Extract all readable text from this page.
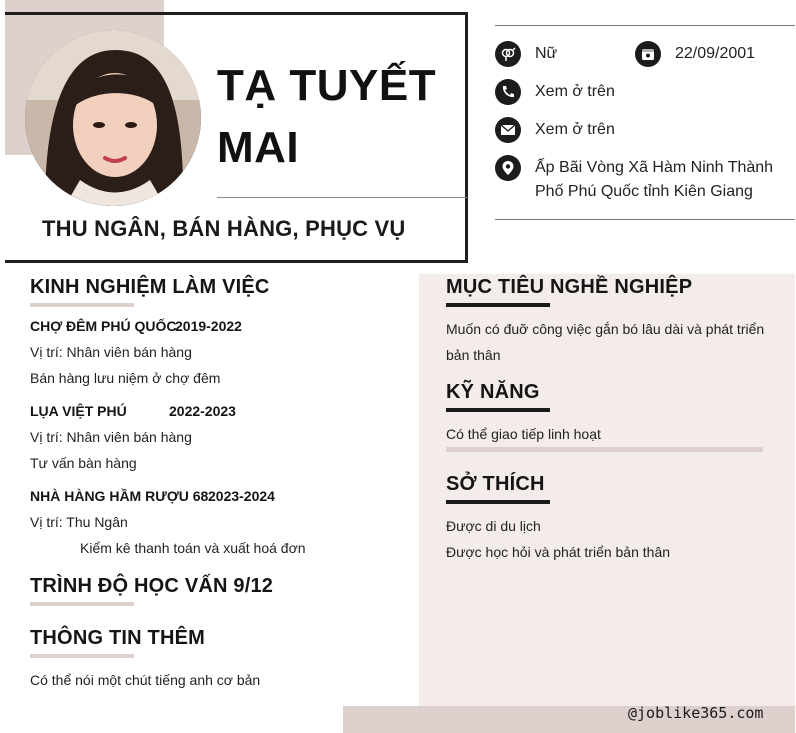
TẠ TUYẾT
MAI
THU NGÂN, BÁN HÀNG, PHỤC VỤ
Nữ	22/09/2001
Xem ở trên
Xem ở trên
Ấp Bãi Vòng Xã Hàm Ninh Thành
Phố Phú Quốc tỉnh Kiên Giang
@joblike365.com
KINH NGHIỆM LÀM VIỆC
CHỢ ĐÊM PHÚ QUỐC
2019-2022
Vị trí: Nhân viên bán hàng
Bán hàng lưu niệm ở chợ đêm
LỤA VIỆT PHÚ	2022-2023
Vị trí: Nhân viên bán hàng
Tư vấn bàn hàng
NHÀ HÀNG HẦM RƯỢU 68 2023-2024
Vị trí: Thu Ngân
Kiểm kê thanh toán và xuất hoá đơn
TRÌNH ĐỘ HỌC VẤN 9/12
THÔNG TIN THÊM
Có thể nói một chút tiếng anh cơ bản
MỤC TIÊU NGHỀ NGHIỆP
Muốn có đuỡ công việc gắn bó lâu dài và phát triển
bản thân
KỸ NĂNG
Có thể giao tiếp linh hoạt
SỞ THÍCH
Được di du lịch
Được học hỏi và phát triển bản thân
